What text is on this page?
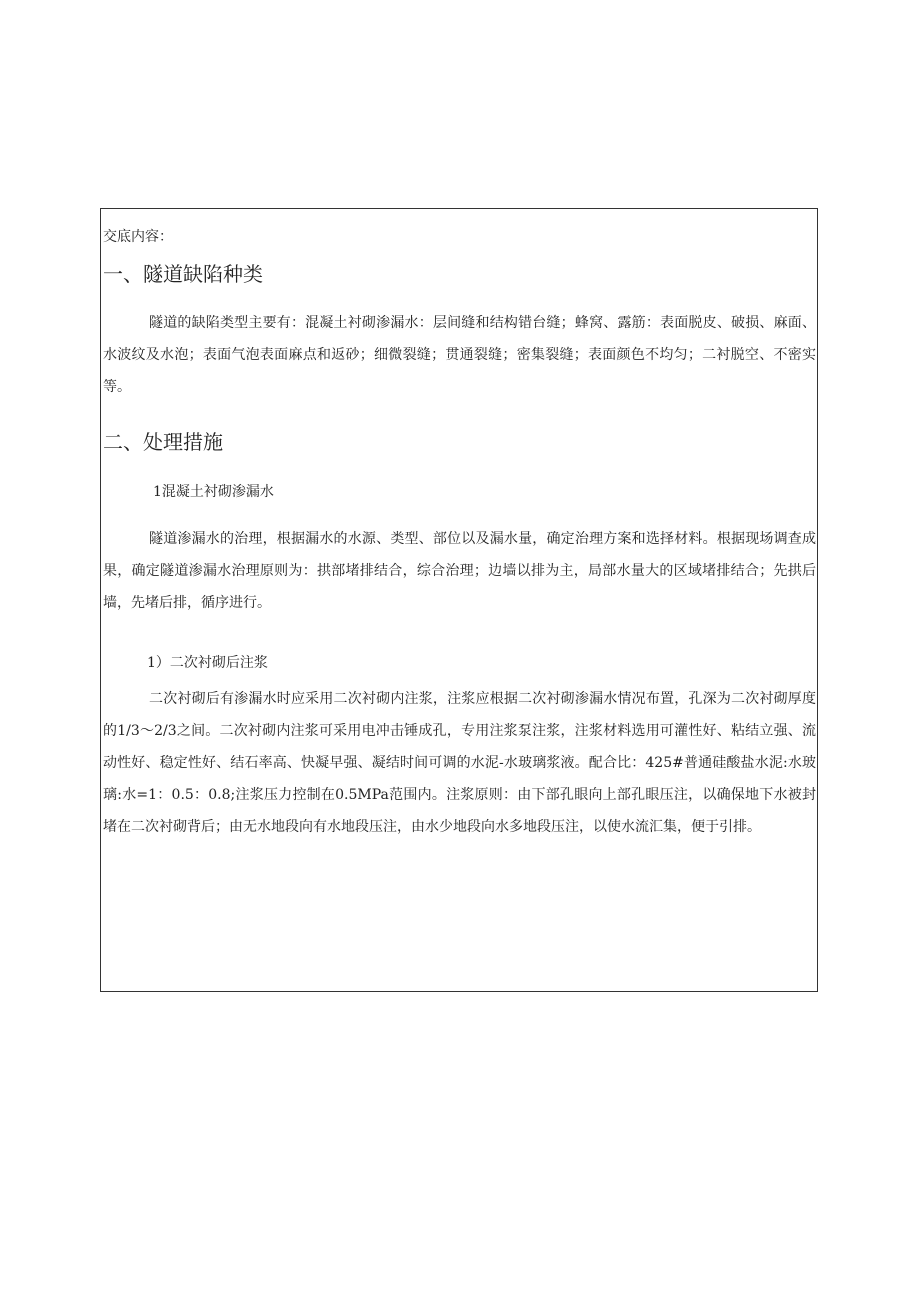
交底内容：
一、隧道缺陷种类

隧道的缺陷类型主要有：混凝土衬砌渗漏水：层间缝和结构错台缝；蜂窝、露筋：表面脱皮、破损、麻面、水波纹及水泡；表面气泡表面麻点和返砂；细微裂缝；贯通裂缝；密集裂缝；表面颜色不均匀；二衬脱空、不密实等。

二、处理措施
1混凝土衬砌渗漏水

隧道渗漏水的治理，根据漏水的水源、类型、部位以及漏水量，确定治理方案和选择材料。根据现场调查成果，确定隧道渗漏水治理原则为：拱部堵排结合，综合治理；边墙以排为主，局部水量大的区域堵排结合；先拱后墙，先堵后排，循序进行。

1）二次衬砌后注浆

二次衬砌后有渗漏水时应采用二次衬砌内注浆，注浆应根据二次衬砌渗漏水情况布置，孔深为二次衬砌厚度的1/3～2/3之间。二次衬砌内注浆可采用电冲击锤成孔，专用注浆泵注浆，注浆材料选用可灌性好、粘结立强、流动性好、稳定性好、结石率高、快凝早强、凝结时间可调的水泥-水玻璃浆液。配合比：425#普通硅酸盐水泥:水玻璃:水=1：0.5：0.8;注浆压力控制在0.5MPa范围内。注浆原则：由下部孔眼向上部孔眼压注，以确保地下水被封堵在二次衬砌背后；由无水地段向有水地段压注，由水少地段向水多地段压注，以使水流汇集，便于引排。
